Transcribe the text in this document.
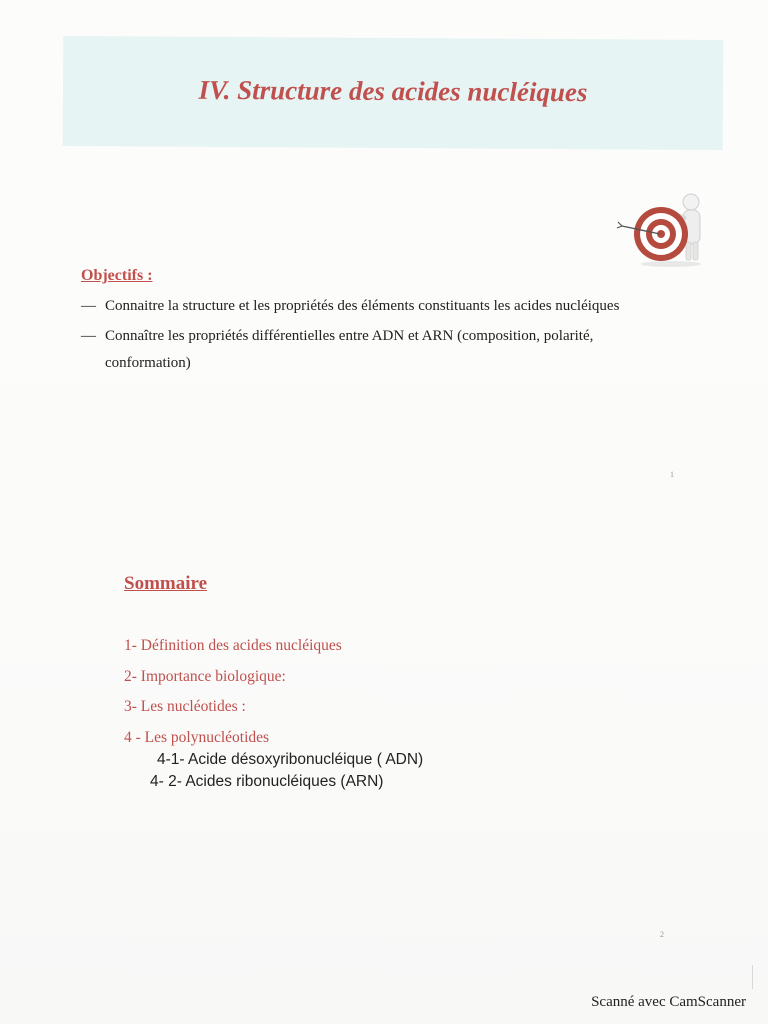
IV. Structure des acides nucléiques
Objectifs :
— Connaitre la structure et les propriétés des éléments constituants les acides nucléiques
— Connaître les propriétés différentielles entre ADN et ARN (composition, polarité,
conformation)
1
Sommaire
1- Définition des acides nucléiques
2- Importance biologique:
3- Les nucléotides :
4 - Les polynucléotides
4-1- Acide désoxyribonucléique ( ADN)
4- 2- Acides ribonucléiques (ARN)
2
Scanné avec CamScanner
